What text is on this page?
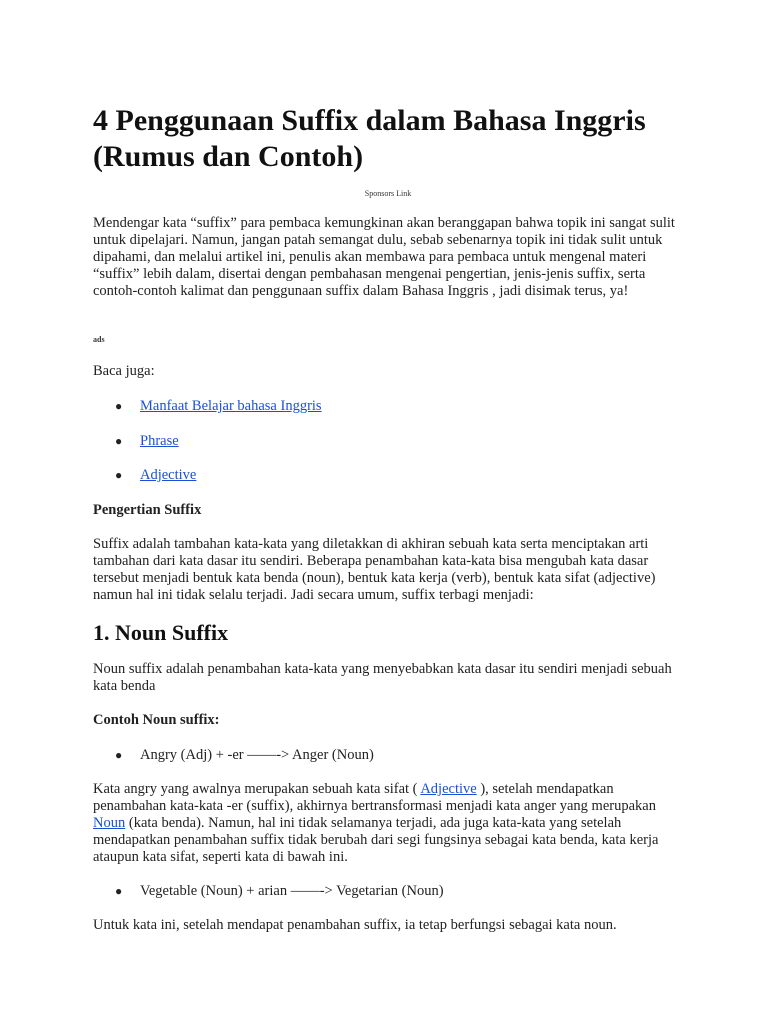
4 Penggunaan Suffix dalam Bahasa Inggris
(Rumus dan Contoh)
Sponsors Link

Mendengar kata “suffix” para pembaca kemungkinan akan beranggapan bahwa topik ini sangat sulit untuk dipelajari. Namun, jangan patah semangat dulu, sebab sebenarnya topik ini tidak sulit untuk dipahami, dan melalui artikel ini, penulis akan membawa para pembaca untuk mengenal materi “suffix” lebih dalam, disertai dengan pembahasan mengenai pengertian, jenis-jenis suffix, serta contoh-contoh kalimat dan penggunaan suffix dalam Bahasa Inggris , jadi disimak terus, ya!

ads

Baca juga:

● Manfaat Belajar bahasa Inggris
● Phrase
● Adjective

Pengertian Suffix

Suffix adalah tambahan kata-kata yang diletakkan di akhiran sebuah kata serta menciptakan arti tambahan dari kata dasar itu sendiri. Beberapa penambahan kata-kata bisa mengubah kata dasar tersebut menjadi bentuk kata benda (noun), bentuk kata kerja (verb), bentuk kata sifat (adjective) namun hal ini tidak selalu terjadi. Jadi secara umum, suffix terbagi menjadi:

1. Noun Suffix

Noun suffix adalah penambahan kata-kata yang menyebabkan kata dasar itu sendiri menjadi sebuah kata benda

Contoh Noun suffix:

● Angry (Adj) + -er ——-> Anger (Noun)

Kata angry yang awalnya merupakan sebuah kata sifat ( Adjective ), setelah mendapatkan penambahan kata-kata -er (suffix), akhirnya bertransformasi menjadi kata anger yang merupakan Noun (kata benda). Namun, hal ini tidak selamanya terjadi, ada juga kata-kata yang setelah mendapatkan penambahan suffix tidak berubah dari segi fungsinya sebagai kata benda, kata kerja ataupun kata sifat, seperti kata di bawah ini.

● Vegetable (Noun) + arian ——-> Vegetarian (Noun)

Untuk kata ini, setelah mendapat penambahan suffix, ia tetap berfungsi sebagai kata noun.
